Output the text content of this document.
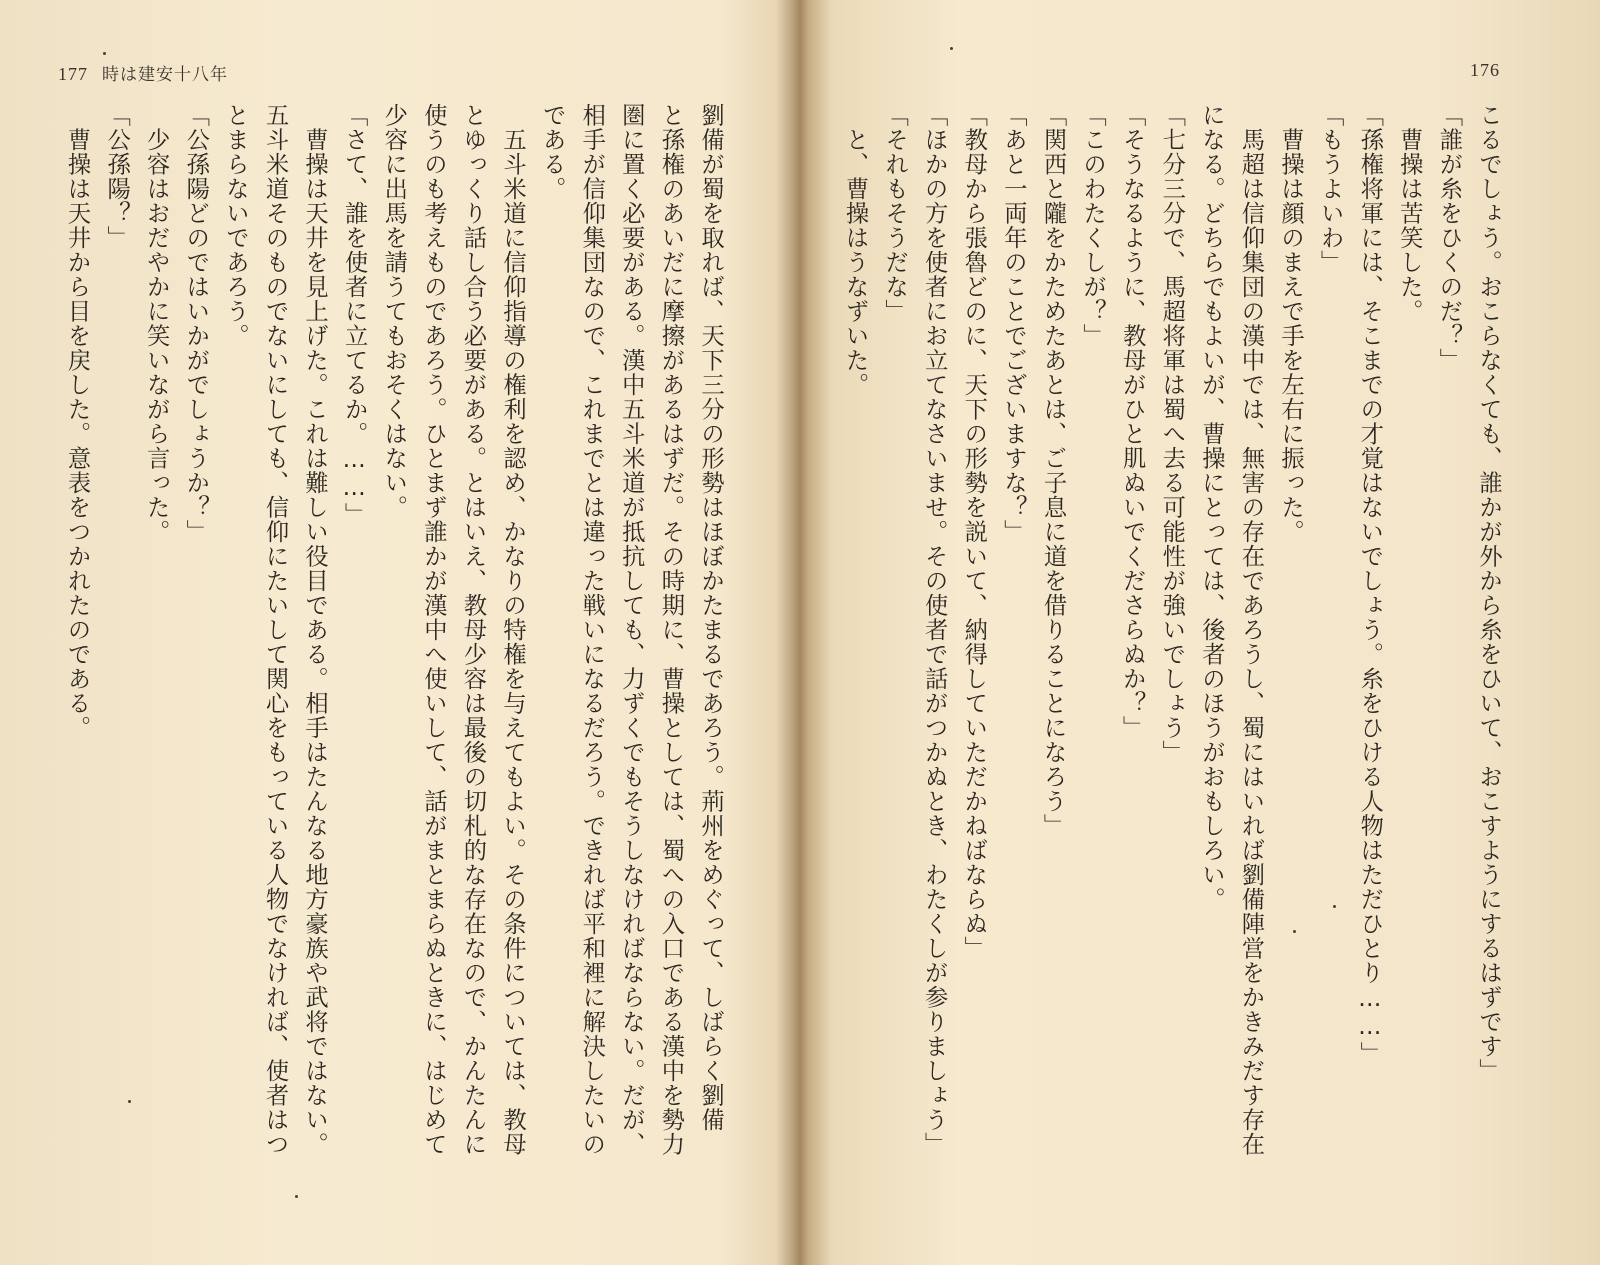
177 時は建安十八年
劉備が蜀を取れば、天下三分の形勢はほぼかたまるであろう。荊州をめぐって、しばらく劉備
と孫権のあいだに摩擦があるはずだ。その時期に、曹操としては、蜀への入口である漢中を勢力
圏に置く必要がある。漢中五斗米道が抵抗しても、力ずくでもそうしなければならない。だが、
相手が信仰集団なので、これまでとは違った戦いになるだろう。できれば平和裡に解決したいの
である。
　五斗米道に信仰指導の権利を認め、かなりの特権を与えてもよい。その条件については、教母
とゆっくり話し合う必要がある。とはいえ、教母少容は最後の切札的な存在なので、かんたんに
使うのも考えものであろう。ひとまず誰かが漢中へ使いして、話がまとまらぬときに、はじめて
少容に出馬を請うてもおそくはない。
「さて、誰を使者に立てるか。……」
　曹操は天井を見上げた。これは難しい役目である。相手はたんなる地方豪族や武将ではない。
五斗米道そのものでないにしても、信仰にたいして関心をもっている人物でなければ、使者はつ
とまらないであろう。
「公孫陽どのではいかがでしょうか？」
　少容はおだやかに笑いながら言った。
「公孫陽？」
　曹操は天井から目を戻した。意表をつかれたのである。
176
こるでしょう。おこらなくても、誰かが外から糸をひいて、おこすようにするはずです」
「誰が糸をひくのだ？」
　曹操は苦笑した。
「孫権将軍には、そこまでの才覚はないでしょう。糸をひける人物はただひとり……」
「もうよいわ」
　曹操は顔のまえで手を左右に振った。
　馬超は信仰集団の漢中では、無害の存在であろうし、蜀にはいれば劉備陣営をかきみだす存在
になる。どちらでもよいが、曹操にとっては、後者のほうがおもしろい。
「七分三分で、馬超将軍は蜀へ去る可能性が強いでしょう」
「そうなるように、教母がひと肌ぬいでくださらぬか？」
「このわたくしが？」
「関西と隴をかためたあとは、ご子息に道を借りることになろう」
「あと一両年のことでございますな？」
「教母から張魯どのに、天下の形勢を説いて、納得していただかねばならぬ」
「ほかの方を使者にお立てなさいませ。その使者で話がつかぬとき、わたくしが参りましょう」
「それもそうだな」
　と、曹操はうなずいた。
